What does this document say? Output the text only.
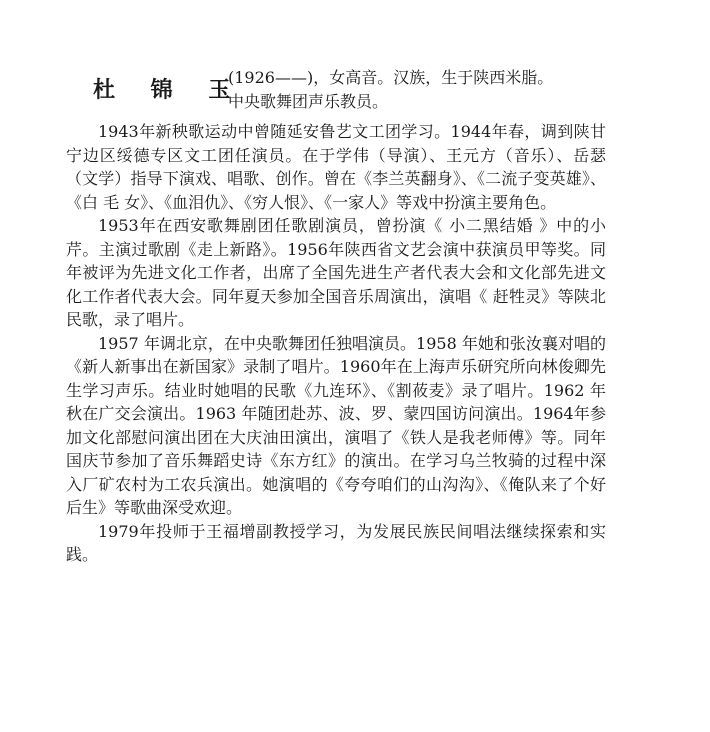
杜 锦 玉
(1926——)，女高音。汉族，生于陕西米脂。
中央歌舞团声乐教员。

1943年新秧歌运动中曾随延安鲁艺文工团学习。1944年春，调到陕甘宁边区绥德专区文工团任演员。在于学伟（导演）、王元方（音乐）、岳瑟（文学）指导下演戏、唱歌、创作。曾在《李兰英翻身》、《二流子变英雄》、《白 毛 女》、《血泪仇》、《穷人恨》、《一家人》等戏中扮演主要角色。

1953年在西安歌舞剧团任歌剧演员，曾扮演《 小二黑结婚 》中的小芹。主演过歌剧《走上新路》。1956年陕西省文艺会演中获演员甲等奖。同年被评为先进文化工作者，出席了全国先进生产者代表大会和文化部先进文化工作者代表大会。同年夏天参加全国音乐周演出，演唱《 赶牲灵》等陕北民歌，录了唱片。

1957 年调北京，在中央歌舞团任独唱演员。1958 年她和张汝襄对唱的《新人新事出在新国家》录制了唱片。1960年在上海声乐研究所向林俊卿先生学习声乐。结业时她唱的民歌《九连环》、《割莜麦》录了唱片。1962 年秋在广交会演出。1963 年随团赴苏、波、罗、蒙四国访问演出。1964年参加文化部慰问演出团在大庆油田演出，演唱了《铁人是我老师傅》等。同年国庆节参加了音乐舞蹈史诗《东方红》的演出。在学习乌兰牧骑的过程中深入厂矿农村为工农兵演出。她演唱的《夸夸咱们的山沟沟》、《俺队来了个好后生》等歌曲深受欢迎。

1979年投师于王福增副教授学习，为发展民族民间唱法继续探索和实践。
